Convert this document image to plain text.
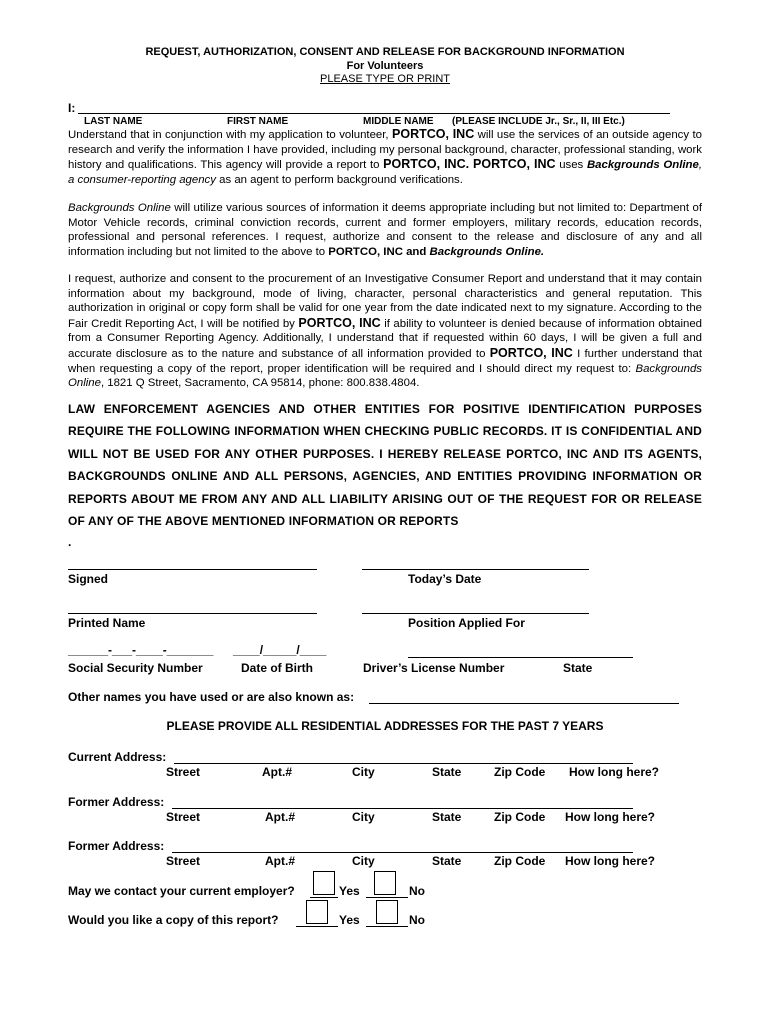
REQUEST, AUTHORIZATION, CONSENT AND RELEASE FOR BACKGROUND INFORMATION
For Volunteers
PLEASE TYPE OR PRINT
I:
LAST NAME	FIRST NAME	MIDDLE NAME (PLEASE INCLUDE Jr., Sr., II, III Etc.)
Understand that in conjunction with my application to volunteer, PORTCO, INC will use the services of an outside agency to research and verify the information I have provided, including my personal background, character, professional standing, work history and qualifications. This agency will provide a report to PORTCO, INC. PORTCO, INC uses Backgrounds Online, a consumer-reporting agency as an agent to perform background verifications.
Backgrounds Online will utilize various sources of information it deems appropriate including but not limited to: Department of Motor Vehicle records, criminal conviction records, current and former employers, military records, education records, professional and personal references. I request, authorize and consent to the release and disclosure of any and all information including but not limited to the above to PORTCO, INC and Backgrounds Online.
I request, authorize and consent to the procurement of an Investigative Consumer Report and understand that it may contain information about my background, mode of living, character, personal characteristics and general reputation. This authorization in original or copy form shall be valid for one year from the date indicated next to my signature. According to the Fair Credit Reporting Act, I will be notified by PORTCO, INC if ability to volunteer is denied because of information obtained from a Consumer Reporting Agency. Additionally, I understand that if requested within 60 days, I will be given a full and accurate disclosure as to the nature and substance of all information provided to PORTCO, INC I further understand that when requesting a copy of the report, proper identification will be required and I should direct my request to: Backgrounds Online, 1821 Q Street, Sacramento, CA 95814, phone: 800.838.4804.
LAW ENFORCEMENT AGENCIES AND OTHER ENTITIES FOR POSITIVE IDENTIFICATION PURPOSES REQUIRE THE FOLLOWING INFORMATION WHEN CHECKING PUBLIC RECORDS. IT IS CONFIDENTIAL AND WILL NOT BE USED FOR ANY OTHER PURPOSES. I HEREBY RELEASE PORTCO, INC AND ITS AGENTS, BACKGROUNDS ONLINE AND ALL PERSONS, AGENCIES, AND ENTITIES PROVIDING INFORMATION OR REPORTS ABOUT ME FROM ANY AND ALL LIABILITY ARISING OUT OF THE REQUEST FOR OR RELEASE OF ANY OF THE ABOVE MENTIONED INFORMATION OR REPORTS
.
Signed	Today’s Date
Printed Name	Position Applied For
______-___-____-_______ ____/_____/____
Social Security Number	Date of Birth	Driver’s License Number	State
Other names you have used or are also known as:
PLEASE PROVIDE ALL RESIDENTIAL ADDRESSES FOR THE PAST 7 YEARS
Current Address:
Street	Apt.#	City	State	Zip Code How long here?
Former Address:
Street	Apt.#	City	State	Zip Code How long here?
Former Address:
Street	Apt.#	City	State	Zip Code How long here?
May we contact your current employer?	Yes	No
Would you like a copy of this report?	Yes	No
